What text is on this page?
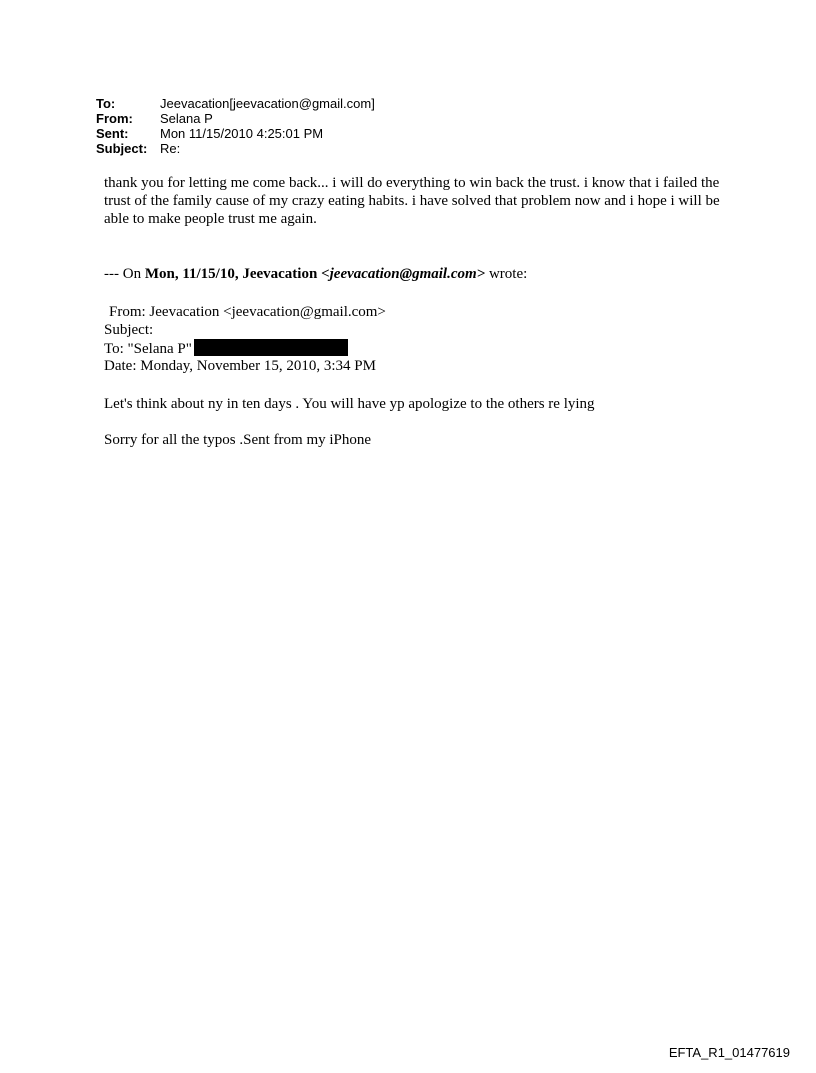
To:	Jeevacation[jeevacation@gmail.com]
From:	Selana P
Sent:	Mon 11/15/2010 4:25:01 PM
Subject: Re:

thank you for letting me come back... i will do everything to win back the trust. i know that i failed the trust of the family cause of my crazy eating habits. i have solved that problem now and i hope i will be able to make people trust me again.

--- On Mon, 11/15/10, Jeevacation <jeevacation@gmail.com> wrote:

From: Jeevacation <jeevacation@gmail.com>
Subject:
To: "Selana P"
Date: Monday, November 15, 2010, 3:34 PM

Let's think about ny in ten days . You will have yp apologize to the others re lying

Sorry for all the typos .Sent from my iPhone

EFTA_R1_01477619
